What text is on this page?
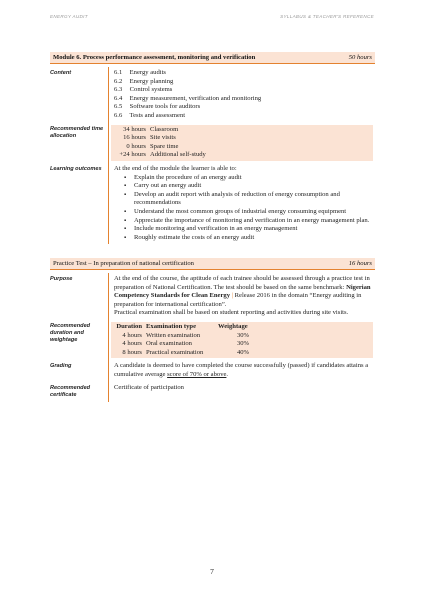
ENERGY AUDIT	SYLLABUS & TEACHER'S REFERENCE
Module 6. Process performance assessment, monitoring and verification	50 hours
Content	6.1 Energy audits
6.2 Energy planning
6.3 Control systems
6.4 Energy measurement, verification and monitoring
6.5 Software tools for auditors
6.6 Tests and assessment
Recommended time allocation
34 hours Classroom
16 hours Site visits
0 hours Spare time
+24 hours Additional self-study
Learning outcomes	At the end of the module the learner is able to:
▪ Explain the procedure of an energy audit
▪ Carry out an energy audit
▪ Develop an audit report with analysis of reduction of energy consumption and recommendations
▪ Understand the most common groups of industrial energy consuming equipment
▪ Appreciate the importance of monitoring and verification in an energy management plan.
▪ Include monitoring and verification in an energy management
▪ Roughly estimate the costs of an energy audit
Practice Test – In preparation of national certification	16 hours
Purpose	At the end of the course, the aptitude of each trainee should be assessed through a practice test in preparation of National Certification. The test should be based on the same benchmark: Nigerian Competency Standards for Clean Energy | Release 2016 in the domain “Energy auditing in preparation for international certification”.
Practical examination shall be based on student reporting and activities during site visits.
Recommended duration and weightage
Duration Examination type	Weightage
4 hours Written examination	30%
4 hours Oral examination	30%
8 hours Practical examination	40%
Grading	A candidate is deemed to have completed the course successfully (passed) if candidates attains a cumulative average score of 70% or above.
Recommended certificate
Certificate of participation
7
